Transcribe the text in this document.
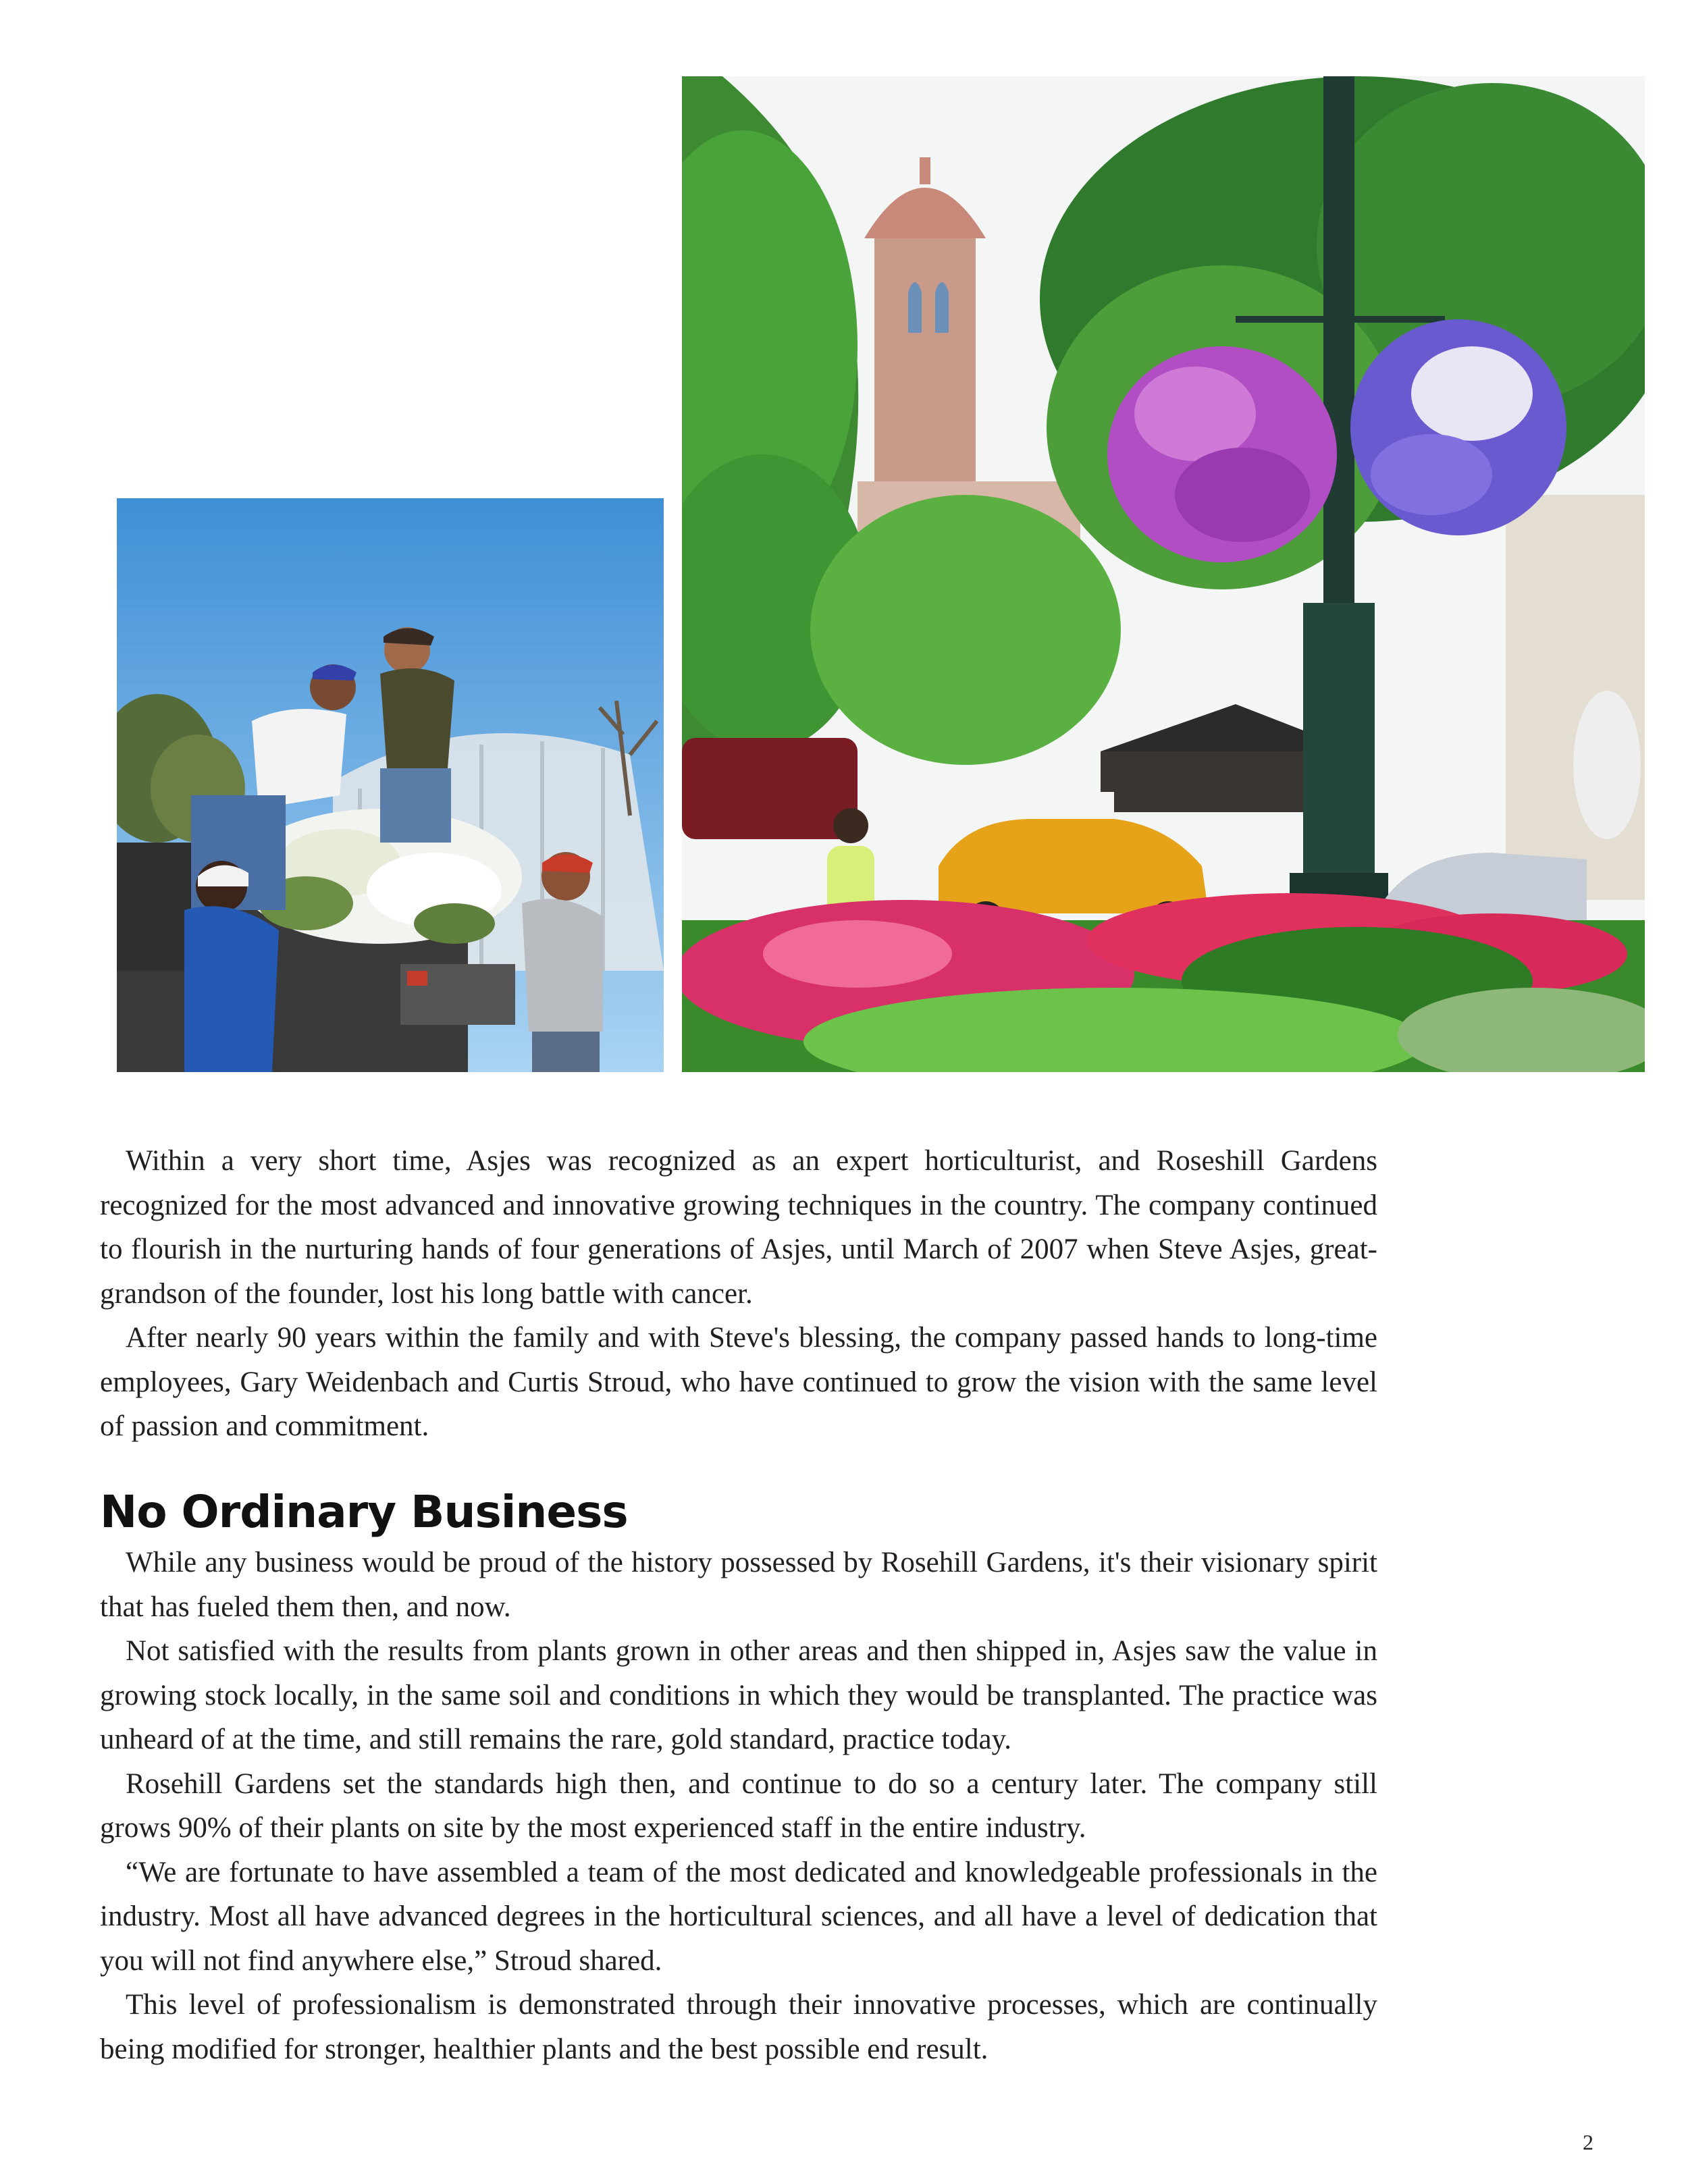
Within a very short time, Asjes was recognized as an expert horticulturist, and Roseshill Gardens recognized for the most advanced and innovative growing techniques in the country. The company continued to flourish in the nurturing hands of four generations of Asjes, until March of 2007 when Steve Asjes, great-grandson of the founder, lost his long battle with cancer.

After nearly 90 years within the family and with Steve's blessing, the company passed hands to long-time employees, Gary Weidenbach and Curtis Stroud, who have continued to grow the vision with the same level of passion and commitment.

No Ordinary Business

While any business would be proud of the history possessed by Rosehill Gardens, it's their visionary spirit that has fueled them then, and now.

Not satisfied with the results from plants grown in other areas and then shipped in, Asjes saw the value in growing stock locally, in the same soil and conditions in which they would be transplanted. The practice was unheard of at the time, and still remains the rare, gold standard, practice today.

Rosehill Gardens set the standards high then, and continue to do so a century later. The company still grows 90% of their plants on site by the most experienced staff in the entire industry.

“We are fortunate to have assembled a team of the most dedicated and knowledgeable professionals in the industry. Most all have advanced degrees in the horticultural sciences, and all have a level of dedication that you will not find anywhere else,” Stroud shared.

This level of professionalism is demonstrated through their innovative processes, which are continually being modified for stronger, healthier plants and the best possible end result.

2
